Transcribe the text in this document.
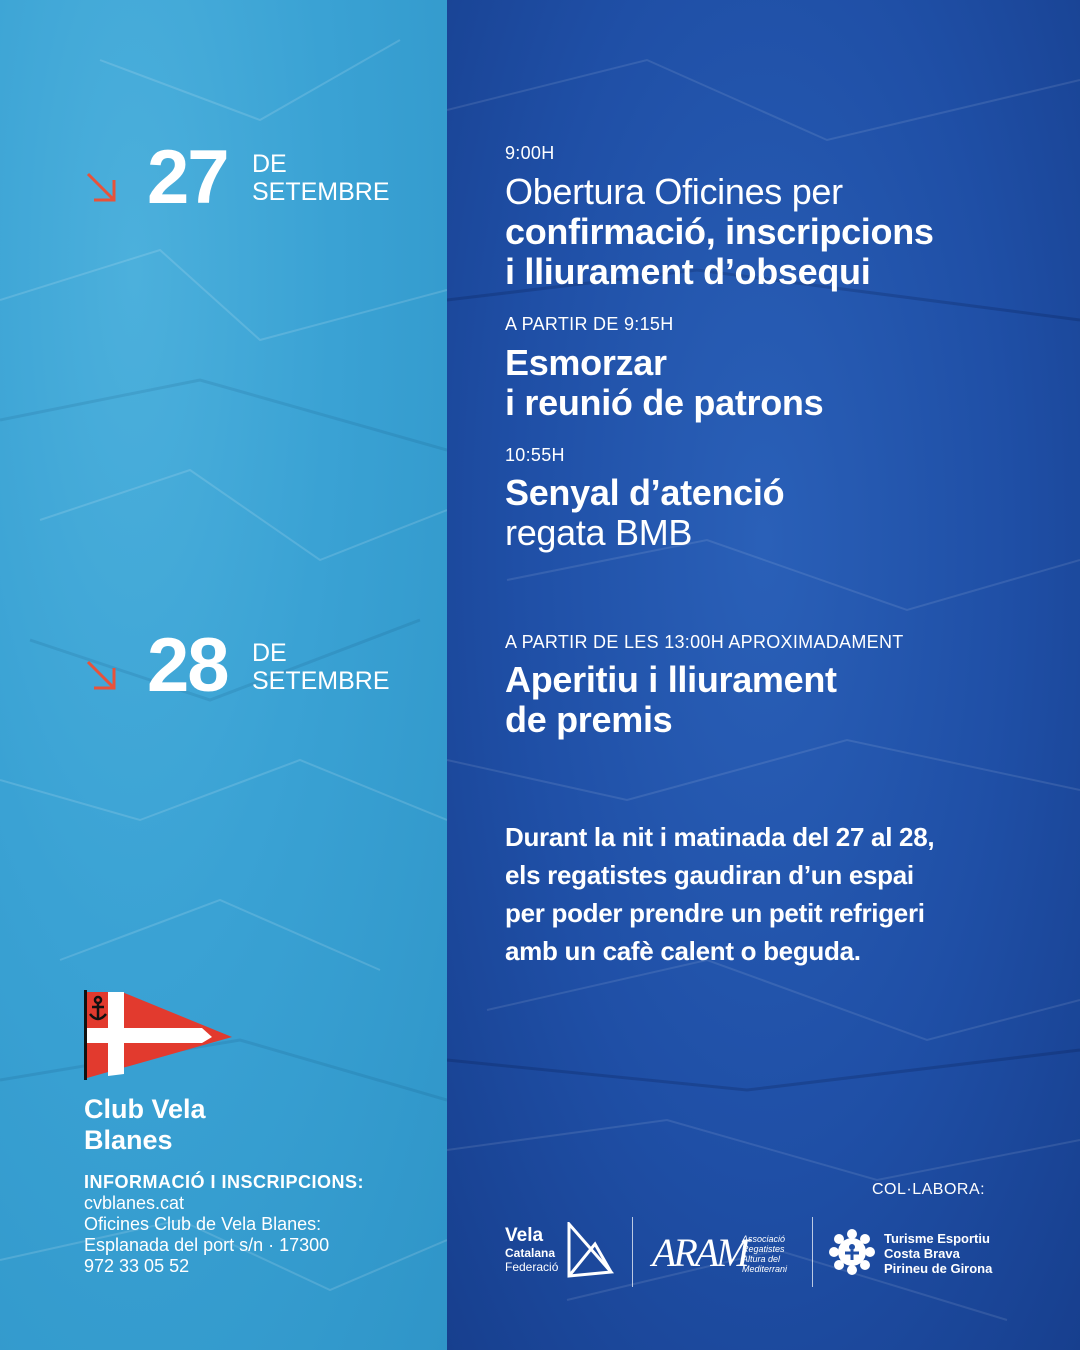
27 DE
SETEMBRE
28 DE
SETEMBRE
9:00H
Obertura Oficines per
confirmació, inscripcions
i lliurament d’obsequi
A PARTIR DE 9:15H
Esmorzar
i reunió de patrons
10:55H
Senyal d’atenció
regata BMB
A PARTIR DE LES 13:00H APROXIMADAMENT
Aperitiu i lliurament
de premis
Durant la nit i matinada del 27 al 28,
els regatistes gaudiran d’un espai
per poder prendre un petit refrigeri
amb un cafè calent o beguda.
Club Vela
Blanes
INFORMACIÓ I INSCRIPCIONS:
cvblanes.cat
Oficines Club de Vela Blanes:
Esplanada del port s/n · 17300
972 33 05 52
COL·LABORA:
Vela
Catalana
Federació ARAM
Associació
Regatistes
Altura del
Mediterrani
Turisme Esportiu
Costa Brava
Pirineu de Girona
